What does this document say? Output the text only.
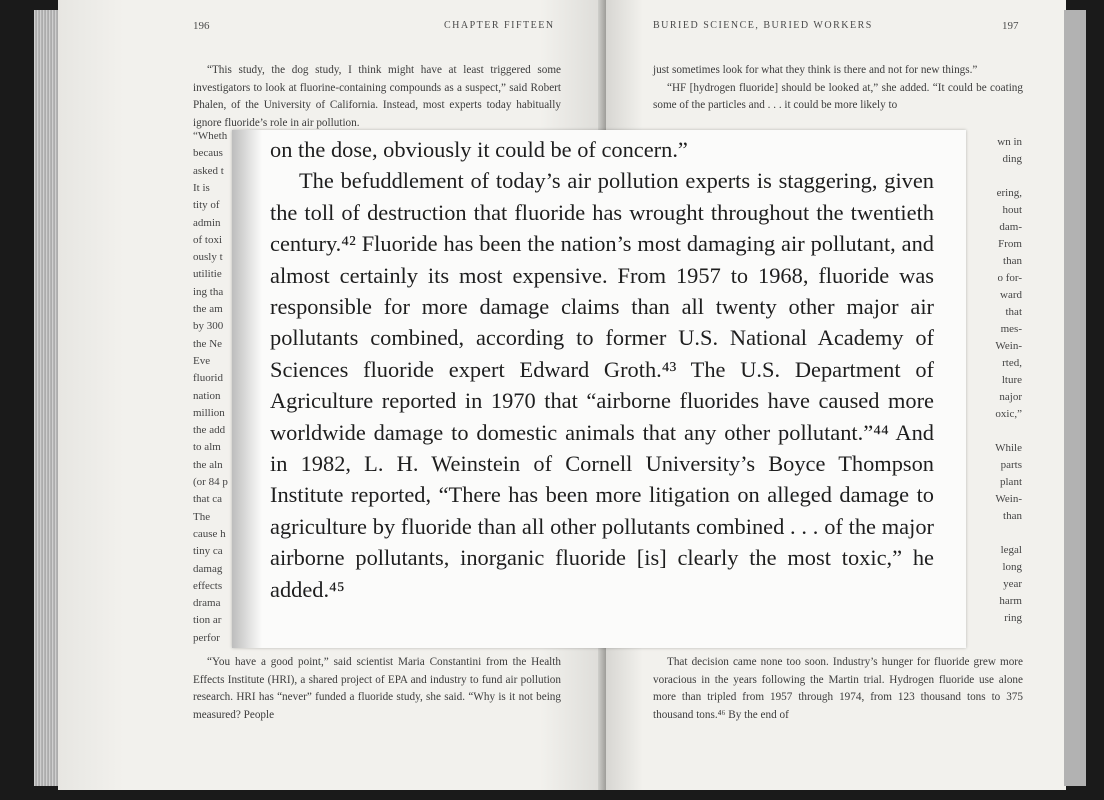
196	CHAPTER FIFTEEN

“This study, the dog study, I think might have at least triggered some investigators to look at fluorine-containing compounds as a suspect,” said Robert Phalen, of the University of California. Instead, most experts today habitually ignore fluoride’s role in air pollution.

“Wheth
becaus
asked t
It is
tity of
admin
of toxi
ously t
utilitie
ing tha
the am
by 300
the Ne
Eve
fluorid
nation
million
the add
to alm
the aln
(or 84 p
that ca
The
cause h
tiny ca
damag
effects
drama
tion ar
perfor

“You have a good point,” said scientist Maria Constantini from the Health Effects Institute (HRI), a shared project of EPA and industry to fund air pollution research. HRI has “never” funded a fluoride study, she said. “Why is it not being measured? People

BURIED SCIENCE, BURIED WORKERS	197

just sometimes look for what they think is there and not for new things.”

“HF [hydrogen fluoride] should be looked at,” she added. “It could be coating some of the particles and . . . it could be more likely to

wn in
ding
ering,
hout
dam-
From
than
o for-
ward
that
mes-
Wein-
rted,
lture
najor
oxic,”
While
parts
plant
Wein-
than
legal
long
year
harm
ring

That decision came none too soon. Industry’s hunger for fluoride grew more voracious in the years following the Martin trial. Hydrogen fluoride use alone more than tripled from 1957 through 1974, from 123 thousand tons to 375 thousand tons.⁴⁶ By the end of

on the dose, obviously it could be of concern.”

The befuddlement of today’s air pollution experts is staggering, given the toll of destruction that fluoride has wrought throughout the twentieth century.⁴² Fluoride has been the nation’s most damaging air pollutant, and almost certainly its most expensive. From 1957 to 1968, fluoride was responsible for more damage claims than all twenty other major air pollutants combined, according to former U.S. National Academy of Sciences fluoride expert Edward Groth.⁴³ The U.S. Department of Agriculture reported in 1970 that “airborne fluorides have caused more worldwide damage to domestic animals that any other pollutant.”⁴⁴ And in 1982, L. H. Weinstein of Cornell University’s Boyce Thompson Institute reported, “There has been more litigation on alleged damage to agriculture by fluoride than all other pollutants combined . . . of the major airborne pollutants, inorganic fluoride [is] clearly the most toxic,” he added.⁴⁵
